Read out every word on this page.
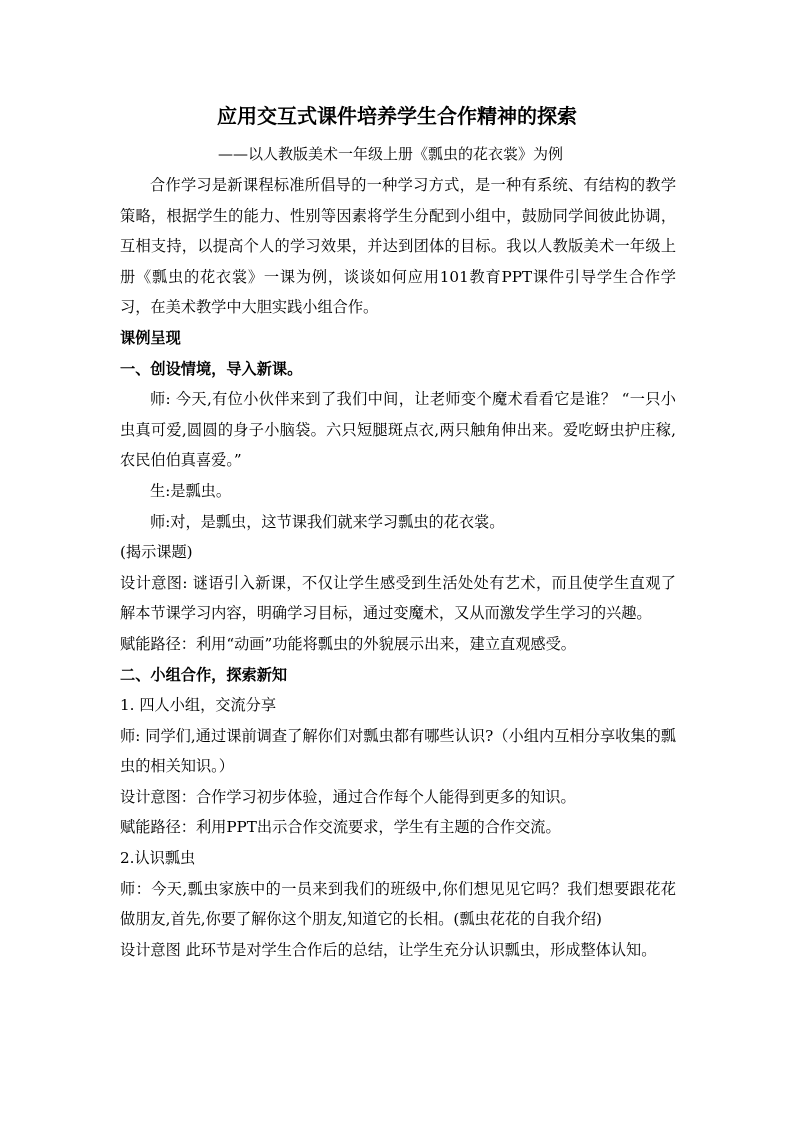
应用交互式课件培养学生合作精神的探索
——以人教版美术一年级上册《瓢虫的花衣裳》为例

合作学习是新课程标准所倡导的一种学习方式，是一种有系统、有结构的教学策略，根据学生的能力、性别等因素将学生分配到小组中，鼓励同学间彼此协调，互相支持，以提高个人的学习效果，并达到团体的目标。我以人教版美术一年级上册《瓢虫的花衣裳》一课为例，谈谈如何应用101教育PPT课件引导学生合作学习，在美术教学中大胆实践小组合作。

课例呈现

一、创设情境，导入新课。

师: 今天,有位小伙伴来到了我们中间，让老师变个魔术看看它是谁？ “一只小虫真可爱,圆圆的身子小脑袋。六只短腿斑点衣,两只触角伸出来。爱吃蚜虫护庄稼,农民伯伯真喜爱。”

生:是瓢虫。

师:对，是瓢虫，这节课我们就来学习瓢虫的花衣裳。

(揭示课题)

设计意图: 谜语引入新课，不仅让学生感受到生活处处有艺术，而且使学生直观了解本节课学习内容，明确学习目标，通过变魔术，又从而激发学生学习的兴趣。

赋能路径：利用“动画”功能将瓢虫的外貌展示出来，建立直观感受。

二、小组合作，探索新知

1. 四人小组，交流分享

师: 同学们,通过课前调查了解你们对瓢虫都有哪些认识?（小组内互相分享收集的瓢虫的相关知识。）

设计意图：合作学习初步体验，通过合作每个人能得到更多的知识。

赋能路径：利用PPT出示合作交流要求，学生有主题的合作交流。

2.认识瓢虫

师：今天,瓢虫家族中的一员来到我们的班级中,你们想见见它吗？我们想要跟花花做朋友,首先,你要了解你这个朋友,知道它的长相。(瓢虫花花的自我介绍)

设计意图 此环节是对学生合作后的总结，让学生充分认识瓢虫，形成整体认知。
